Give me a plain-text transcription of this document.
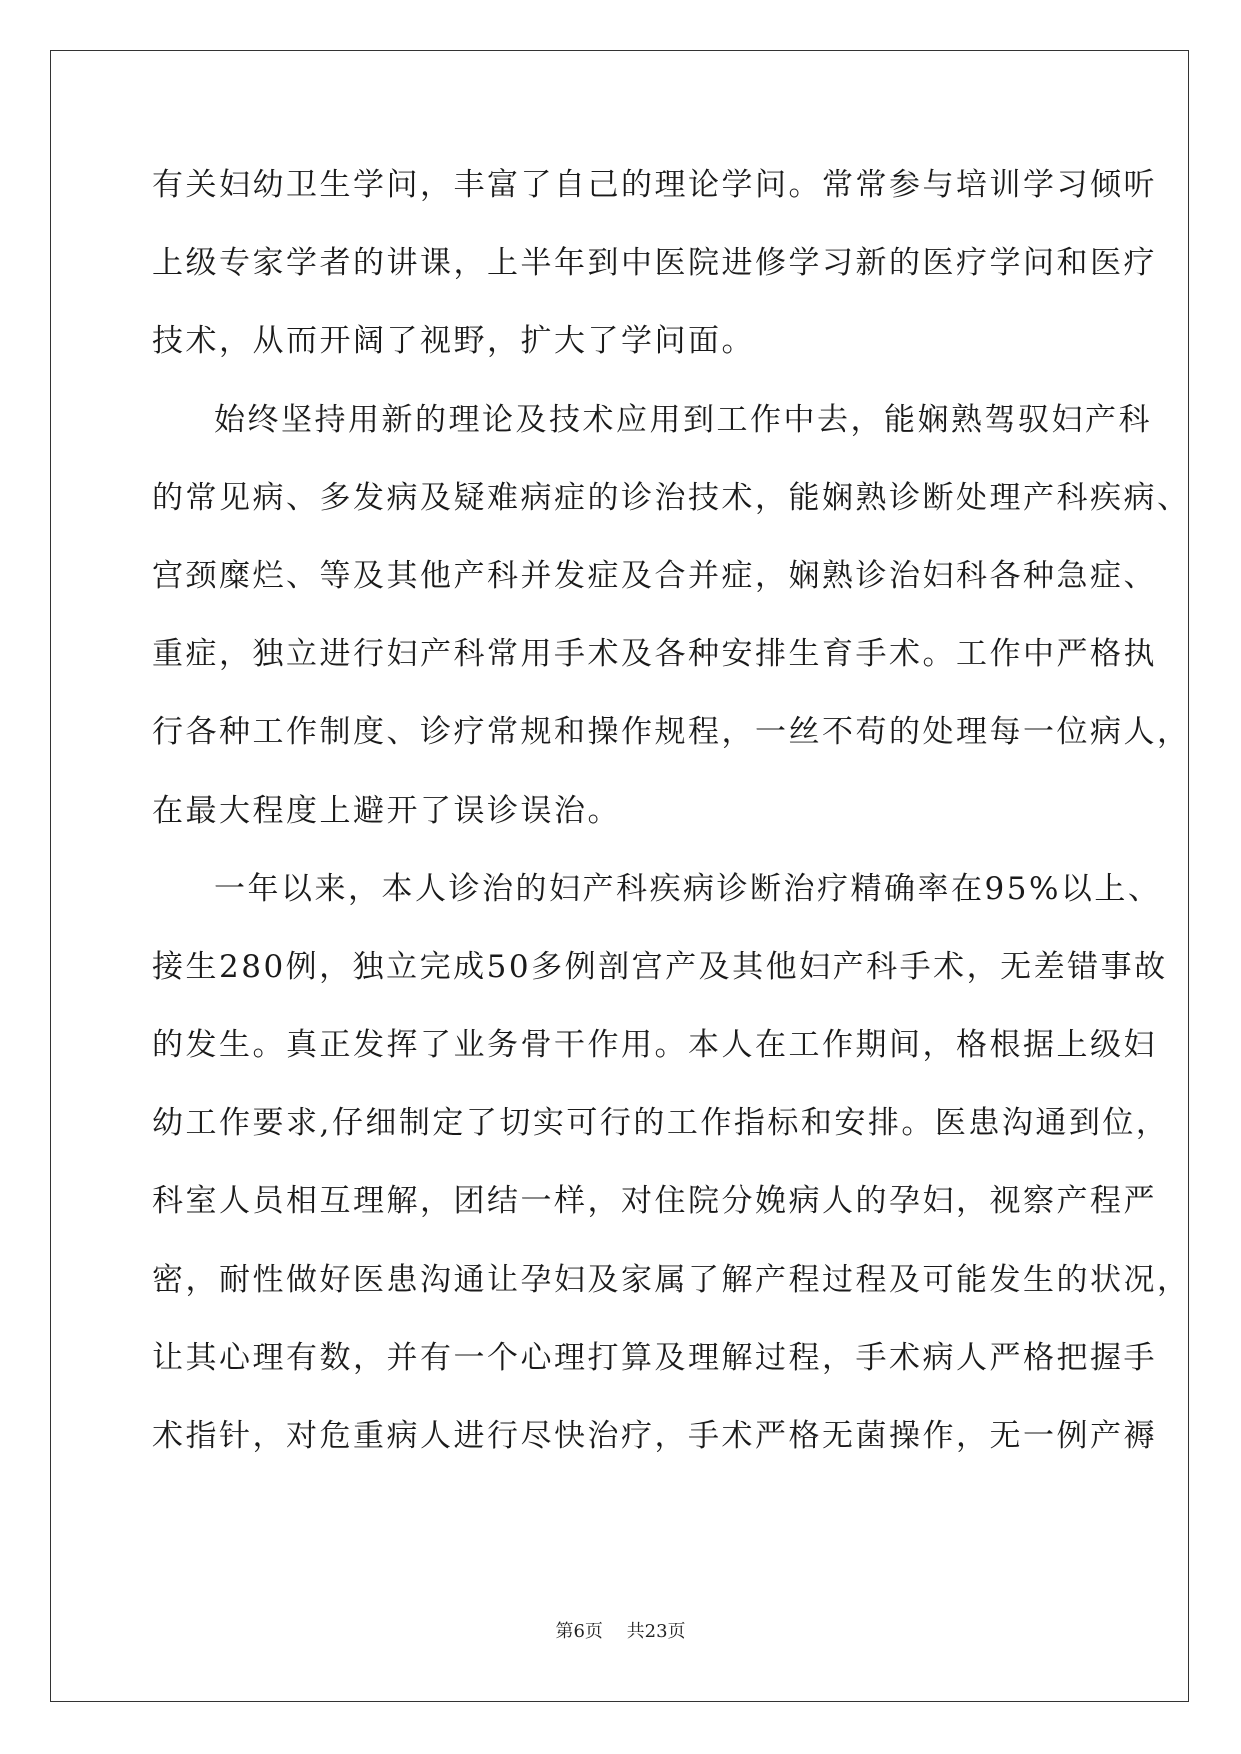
有关妇幼卫生学问，丰富了自己的理论学问。常常参与培训学习倾听
上级专家学者的讲课，上半年到中医院进修学习新的医疗学问和医疗
技术，从而开阔了视野，扩大了学问面。
始终坚持用新的理论及技术应用到工作中去，能娴熟驾驭妇产科
的常见病、多发病及疑难病症的诊治技术，能娴熟诊断处理产科疾病、
宫颈糜烂、等及其他产科并发症及合并症，娴熟诊治妇科各种急症、
重症，独立进行妇产科常用手术及各种安排生育手术。工作中严格执
行各种工作制度、诊疗常规和操作规程，一丝不苟的处理每一位病人，
在最大程度上避开了误诊误治。
一年以来，本人诊治的妇产科疾病诊断治疗精确率在95%以上、
接生280例，独立完成50多例剖宫产及其他妇产科手术，无差错事故
的发生。真正发挥了业务骨干作用。本人在工作期间，格根据上级妇
幼工作要求,仔细制定了切实可行的工作指标和安排。医患沟通到位，
科室人员相互理解，团结一样，对住院分娩病人的孕妇，视察产程严
密，耐性做好医患沟通让孕妇及家属了解产程过程及可能发生的状况，
让其心理有数，并有一个心理打算及理解过程，手术病人严格把握手
术指针，对危重病人进行尽快治疗，手术严格无菌操作，无一例产褥
第6页 共23页
